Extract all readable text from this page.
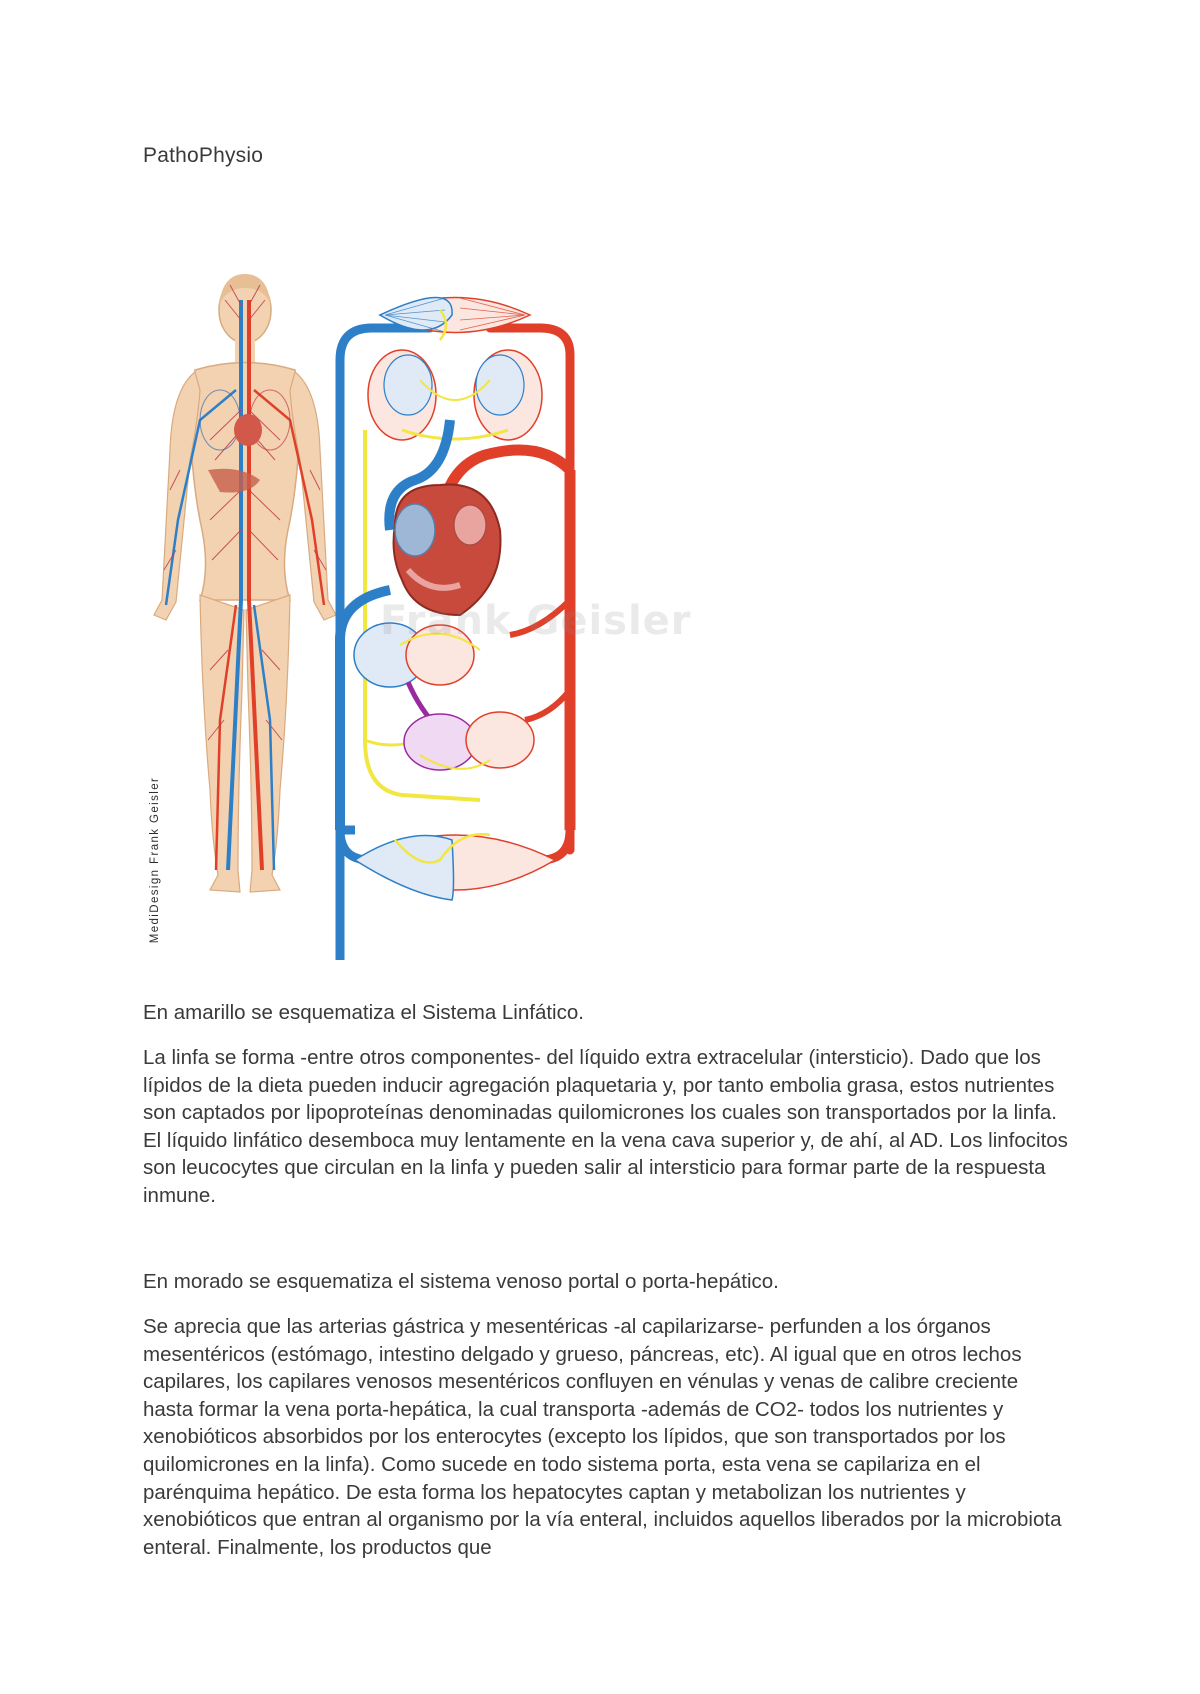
PathoPhysio
Frank Geisler
MediDesign Frank Geisler

En amarillo se esquematiza el Sistema Linfático.

La linfa se forma -entre otros componentes- del líquido extra extracelular (intersticio). Dado que los lípidos de la dieta pueden inducir agregación plaquetaria y, por tanto embolia grasa, estos nutrientes son captados por lipoproteínas denominadas quilomicrones los cuales son transportados por la linfa. El líquido linfático desemboca muy lentamente en la vena cava superior y, de ahí, al AD. Los linfocitos son leucocytes que circulan en la linfa y pueden salir al intersticio para formar parte de la respuesta inmune.

En morado se esquematiza el sistema venoso portal o porta-hepático.

Se aprecia que las arterias gástrica y mesentéricas -al capilarizarse- perfunden a los órganos mesentéricos (estómago, intestino delgado y grueso, páncreas, etc). Al igual que en otros lechos capilares, los capilares venosos mesentéricos confluyen en vénulas y venas de calibre creciente hasta formar la vena porta-hepática, la cual transporta -además de CO2- todos los nutrientes y xenobióticos absorbidos por los enterocytes (excepto los lípidos, que son transportados por los quilomicrones en la linfa). Como sucede en todo sistema porta, esta vena se capilariza en el parénquima hepático. De esta forma los hepatocytes captan y metabolizan los nutrientes y xenobióticos que entran al organismo por la vía enteral, incluidos aquellos liberados por la microbiota enteral. Finalmente, los productos que
